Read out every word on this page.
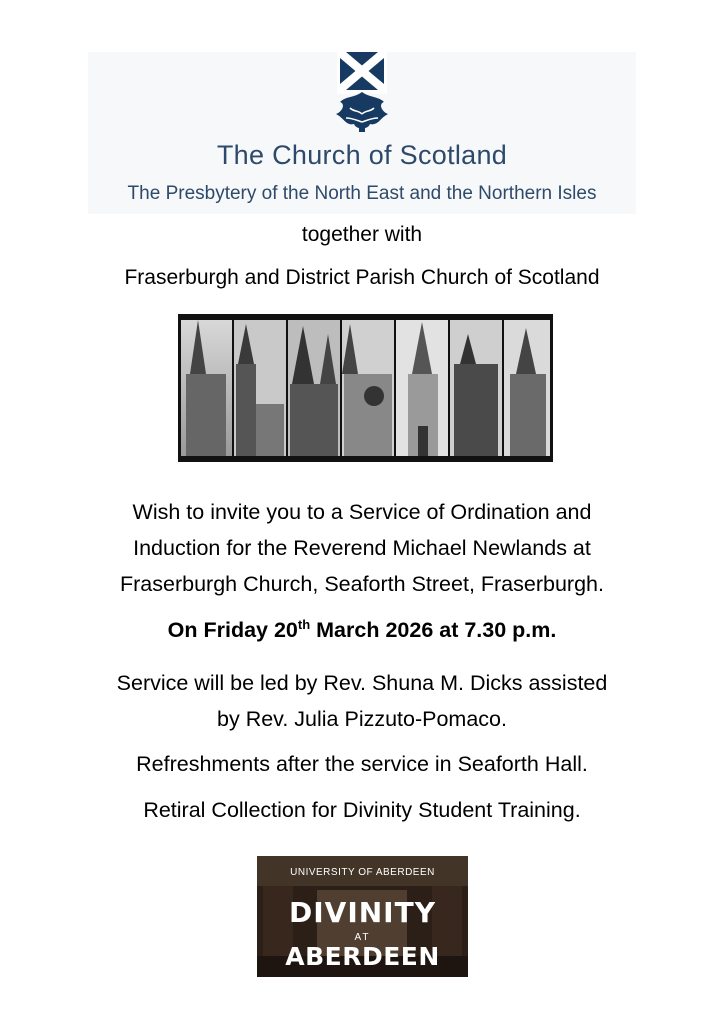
The Church of Scotland
The Presbytery of the North East and the Northern Isles
together with
Fraserburgh and District Parish Church of Scotland
Wish to invite you to a Service of Ordination and
Induction for the Reverend Michael Newlands at
Fraserburgh Church, Seaforth Street, Fraserburgh.
On Friday 20th March 2026 at 7.30 p.m.
Service will be led by Rev. Shuna M. Dicks assisted
by Rev. Julia Pizzuto-Pomaco.
Refreshments after the service in Seaforth Hall.
Retiral Collection for Divinity Student Training.
UNIVERSITY OF ABERDEEN
DIVINITY
AT
ABERDEEN
